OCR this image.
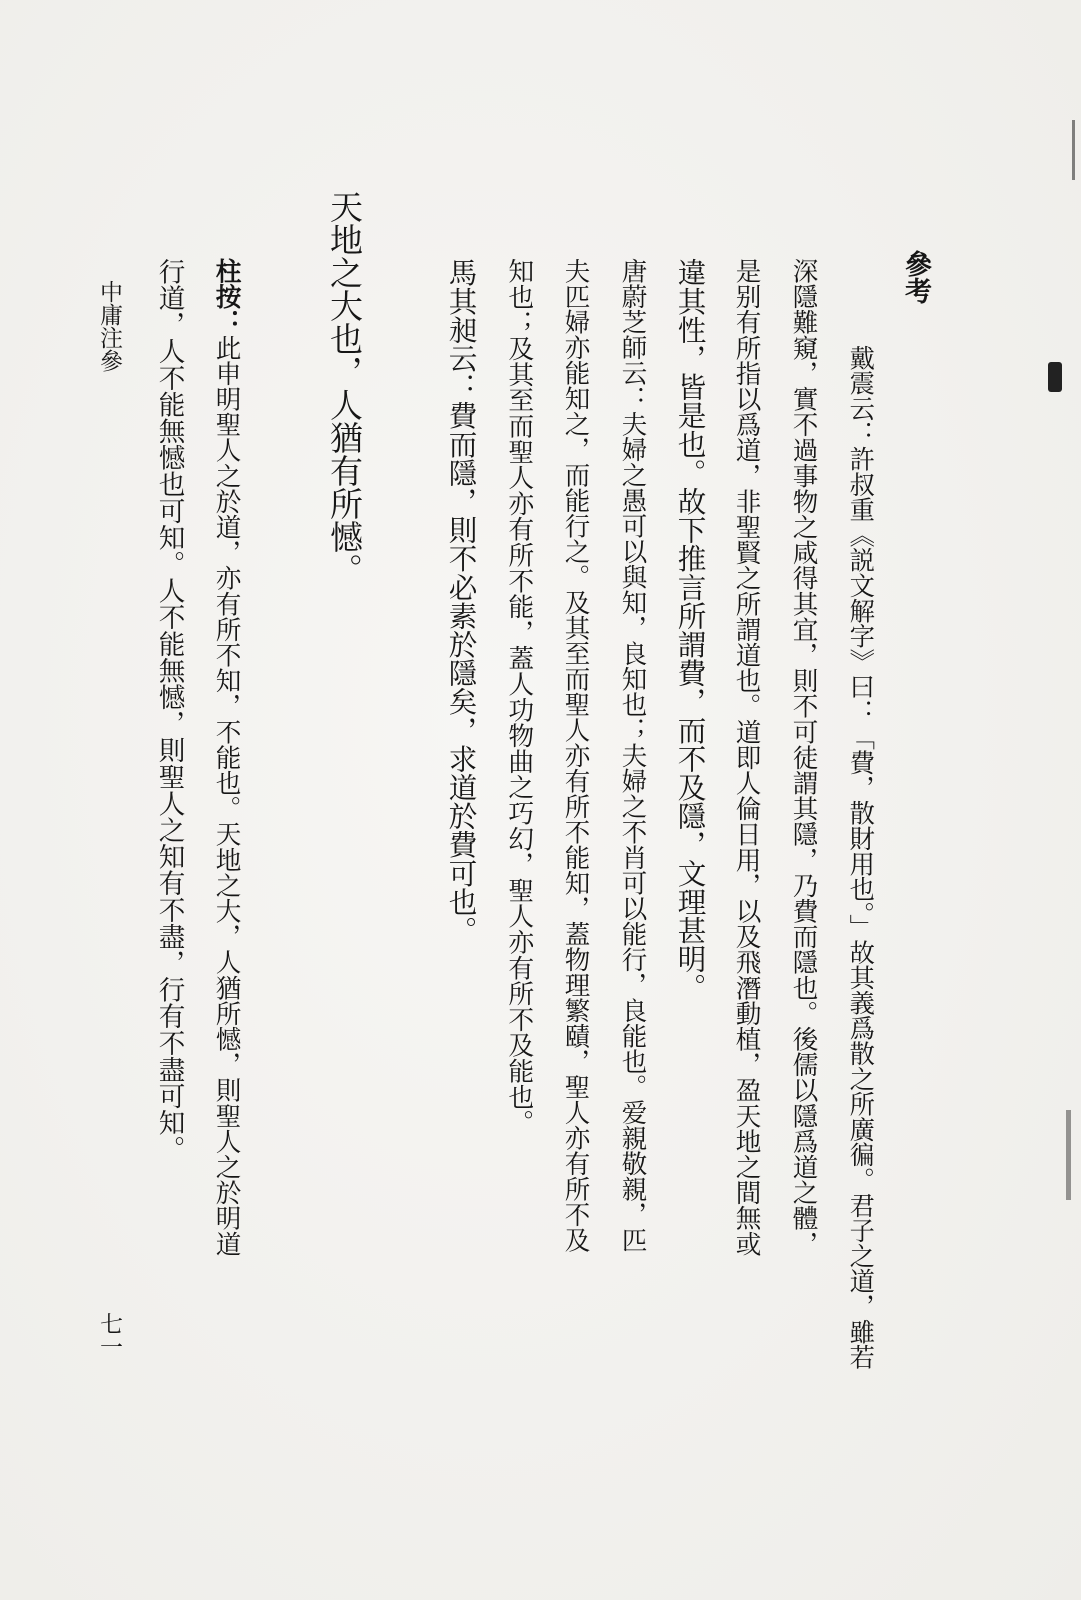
參考
戴震云：許叔重《説文解字》曰：「費，散財用也。」故其義爲散之所廣徧。君子之道，雖若
深隱難窺，實不過事物之咸得其宜，則不可徒謂其隱，乃費而隱也。後儒以隱爲道之體，
是别有所指以爲道，非聖賢之所謂道也。道即人倫日用，以及飛潛動植，盈天地之間無或
違其性，皆是也。故下推言所謂費，而不及隱，文理甚明。
唐蔚芝師云：夫婦之愚可以與知，良知也；夫婦之不肖可以能行，良能也。爱親敬親，匹
夫匹婦亦能知之，而能行之。及其至而聖人亦有所不能知，蓋物理繁賾，聖人亦有所不及
知也；及其至而聖人亦有所不能，蓋人功物曲之巧幻，聖人亦有所不及能也。
馬其昶云：費而隱，則不必素於隱矣，求道於費可也。
天地之大也，人猶有所憾。
柱按：此申明聖人之於道，亦有所不知，不能也。天地之大，人猶所憾，則聖人之於明道
行道，人不能無憾也可知。人不能無憾，則聖人之知有不盡，行有不盡可知。
中庸注參
七一
